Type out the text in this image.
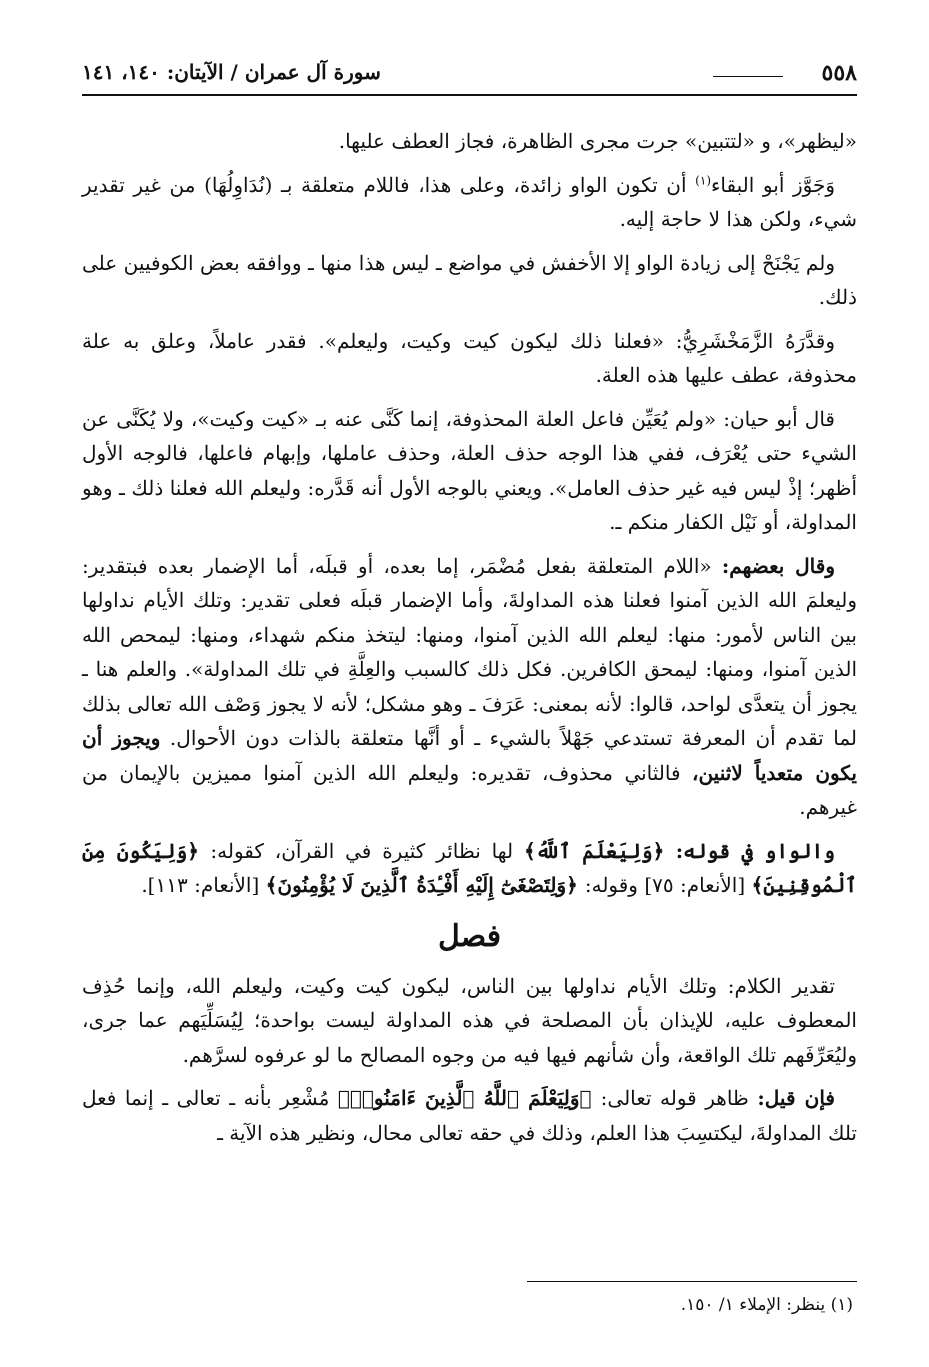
٥٥٨
سورة آل عمران / الآيتان: ١٤٠، ١٤١

«ليظهر»، و «لتتبين» جرت مجرى الظاهرة، فجاز العطف عليها.

وَجَوَّز أبو البقاء$^{(١)}$ أن تكون الواو زائدة، وعلى هذا، فاللام متعلقة بـ (نُدَاوِلُهَا) من غير تقدير شيء، ولكن هذا لا حاجة إليه.

ولم يَجْنَحْ إلى زيادة الواو إلا الأخفش في مواضع ـ ليس هذا منها ـ ووافقه بعض الكوفيين على ذلك.

وقدَّرَهُ الزَّمَخْشَرِيُّ: «فعلنا ذلك ليكون كيت وكيت، وليعلم». فقدر عاملاً، وعلق به علة محذوفة، عطف عليها هذه العلة.

قال أبو حيان: «ولم يُعَيِّن فاعل العلة المحذوفة، إنما كَنَّى عنه بـ «كيت وكيت»، ولا يُكَنَّى عن الشيء حتى يُعْرَف، ففي هذا الوجه حذف العلة، وحذف عاملها، وإبهام فاعلها، فالوجه الأول أظهر؛ إذْ ليس فيه غير حذف العامل». ويعني بالوجه الأول أنه قَدَّره: وليعلم الله فعلنا ذلك ـ وهو المداولة، أو نَيْل الكفار منكم ـ.

وقال بعضهم: «اللام المتعلقة بفعل مُضْمَر، إما بعده، أو قبلَه، أما الإضمار بعده فبتقدير: وليعلمَ الله الذين آمنوا فعلنا هذه المداولةَ، وأما الإضمار قبلَه فعلى تقدير: وتلك الأيام نداولها بين الناس لأمور: منها: ليعلم الله الذين آمنوا، ومنها: ليتخذ منكم شهداء، ومنها: ليمحص الله الذين آمنوا، ومنها: ليمحق الكافرين. فكل ذلك كالسبب والعِلَّةِ في تلك المداولة». والعلم هنا ـ يجوز أن يتعدَّى لواحد، قالوا: لأنه بمعنى: عَرَفَ ـ وهو مشكل؛ لأنه لا يجوز وَصْف الله تعالى بذلك لما تقدم أن المعرفة تستدعي جَهْلاً بالشيء ـ أو أنَّها متعلقة بالذات دون الأحوال. ويجوز أن يكون متعدياً لاثنين، فالثاني محذوف، تقديره: وليعلم الله الذين آمنوا مميزين بالإيمان من غيرهم.

والواو في قوله: ﴿وَلِيَعْلَمَ ٱللَّهُ﴾ لها نظائر كثيرة في القرآن، كقوله: ﴿وَلِيَكُونَ مِنَ ٱلْمُوقِنِينَ﴾ [الأنعام: ٧٥] وقوله: ﴿وَلِتَصْغَىٰٓ إِلَيْهِ أَفْـِٔدَةُ ٱلَّذِينَ لَا يُؤْمِنُونَ﴾ [الأنعام: ١١٣].

فصل

تقدير الكلام: وتلك الأيام نداولها بين الناس، ليكون كيت وكيت، وليعلم الله، وإنما حُذِف المعطوف عليه، للإيذان بأن المصلحة في هذه المداولة ليست بواحدة؛ لِيُسَلِّيَهم عما جرى، وليُعَرِّفَهم تلك الواقعة، وأن شأنهم فيها فيه من وجوه المصالح ما لو عرفوه لسرَّهم.

فإن قيل: ظاهر قوله تعالى: ﴿وَلِيَعْلَمَ ٱللَّهُ ٱلَّذِينَ ءَامَنُوا۟﴾ مُشْعِر بأنه ـ تعالى ـ إنما فعل تلك المداولةَ، ليكتسِبَ هذا العلم، وذلك في حقه تعالى محال، ونظير هذه الآية ـ

(١) ينظر: الإملاء ١/ ١٥٠.
